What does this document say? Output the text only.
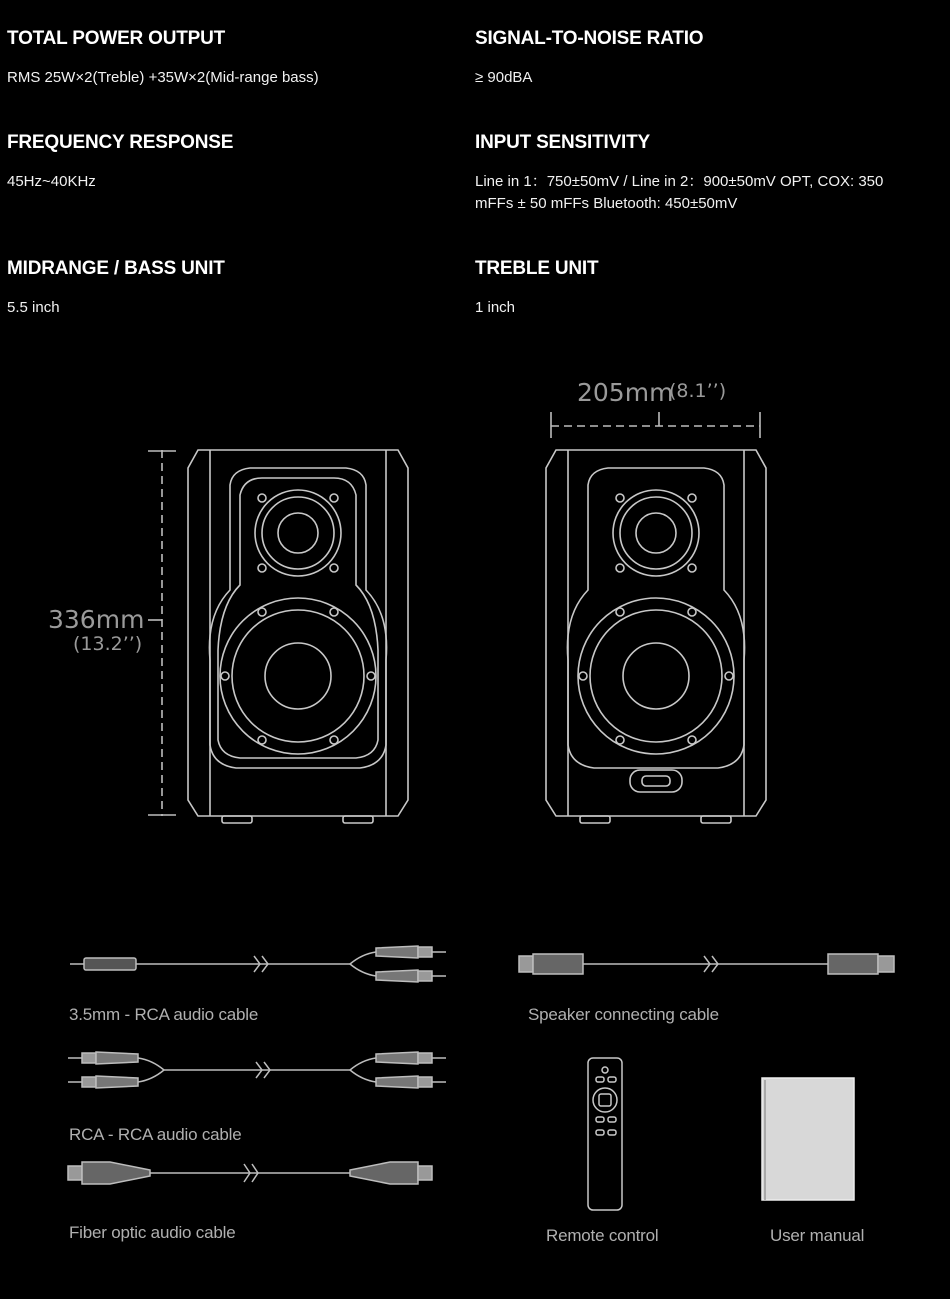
TOTAL POWER OUTPUT
RMS 25W×2(Treble) +35W×2(Mid-range bass)
SIGNAL-TO-NOISE RATIO
≥ 90dBA
FREQUENCY RESPONSE
45Hz~40KHz
INPUT SENSITIVITY
Line in 1：750±50mV / Line in 2：900±50mV OPT, COX: 350
mFFs ± 50 mFFs Bluetooth: 450±50mV
MIDRANGE / BASS UNIT
5.5 inch
TREBLE UNIT
1 inch
205mm
(8.1’’)
336mm
(13.2’’)
3.5mm - RCA audio cable	Speaker connecting cable
RCA - RCA audio cable
Fiber optic audio cable	Remote control	User manual
